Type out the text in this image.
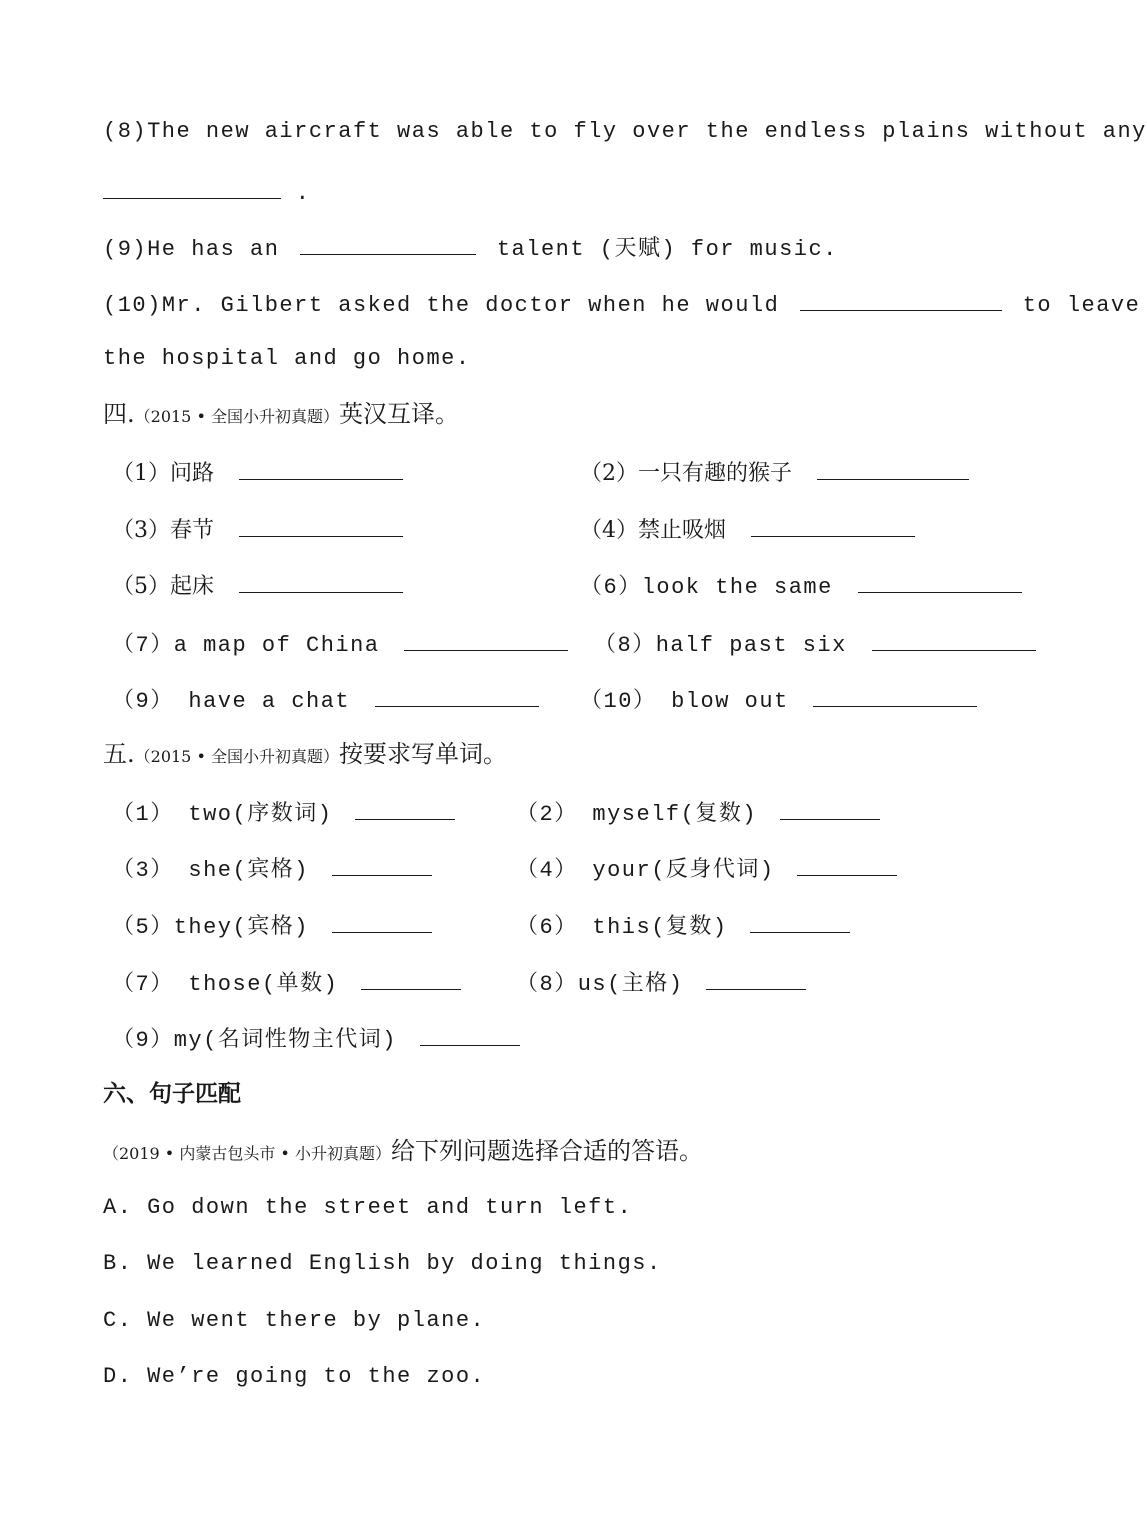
(8)The new aircraft was able to fly over the endless plains without any
.
(9)He has an	talent (天赋) for music.
(10)Mr. Gilbert asked the doctor when he would	to leave
the hospital and go home.
四.（2015 • 全国小升初真题）英汉互译。
（1）问路	（2）一只有趣的猴子
（3）春节	（4）禁止吸烟
（5）起床	（6）look the same
（7）a map of China	（8）half past six
（9） have a chat	（10） blow out
五.（2015 • 全国小升初真题）按要求写单词。
（1） two(序数词)	（2） myself(复数)
（3） she(宾格)	（4） your(反身代词)
（5）they(宾格)	（6） this(复数)
（7） those(单数)	（8）us(主格)
（9）my(名词性物主代词)
六、句子匹配
（2019 • 内蒙古包头市 • 小升初真题）给下列问题选择合适的答语。
A. Go down the street and turn left.
B. We learned English by doing things.
C. We went there by plane.
D. We’re going to the zoo.
